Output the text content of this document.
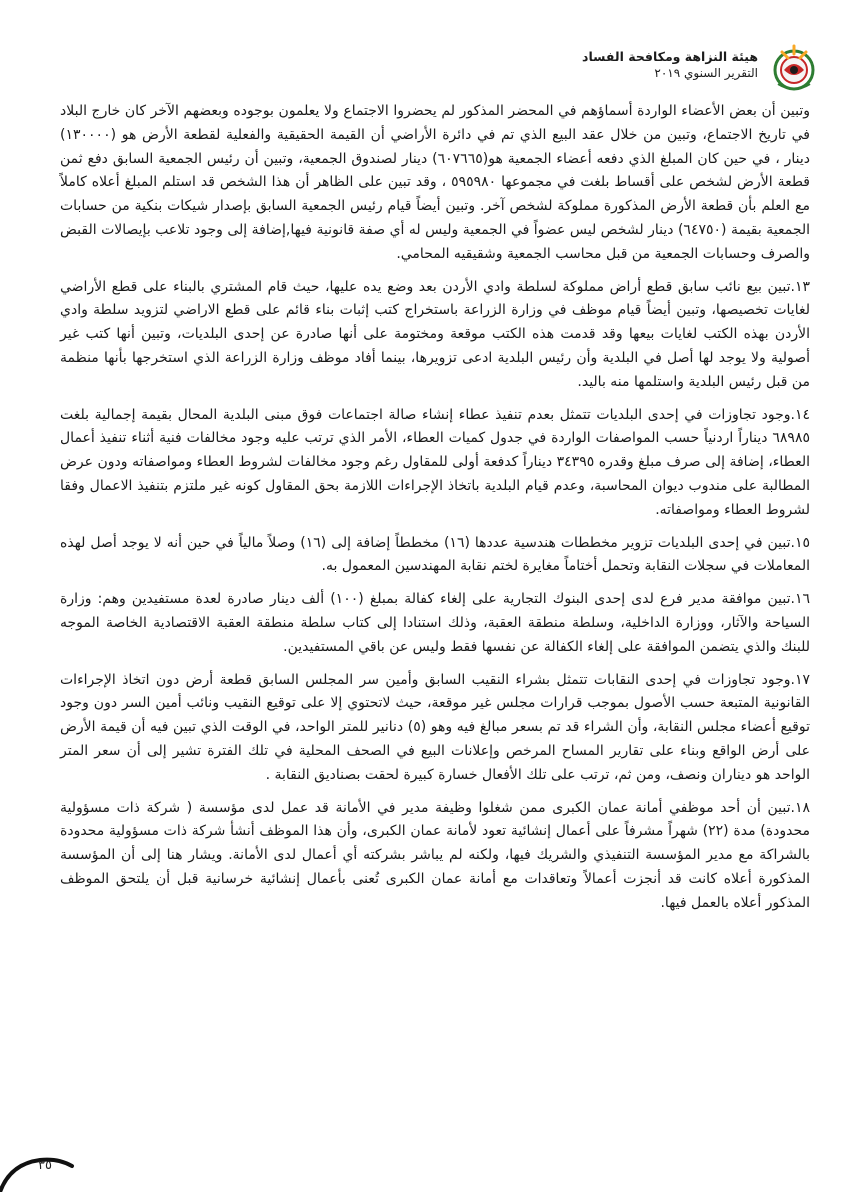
هيئة النزاهة ومكافحة الفساد
التقرير السنوي ٢٠١٩

وتبين أن بعض الأعضاء الواردة أسماؤهم في المحضر المذكور لم يحضروا الاجتماع ولا يعلمون بوجوده وبعضهم الآخر كان خارج البلاد في تاريخ الاجتماع، وتبين من خلال عقد البيع الذي تم في دائرة الأراضي أن القيمة الحقيقية والفعلية لقطعة الأرض هو (١٣٠٠٠٠) دينار ، في حين كان المبلغ الذي دفعه أعضاء الجمعية هو(٦٠٧٦٦٥) دينار لصندوق الجمعية، وتبين أن رئيس الجمعية السابق دفع ثمن قطعة الأرض لشخص على أقساط بلغت في مجموعها ٥٩٥٩٨٠ ، وقد تبين على الظاهر أن هذا الشخص قد استلم المبلغ أعلاه كاملاً مع العلم بأن قطعة الأرض المذكورة مملوكة لشخص آخر. وتبين أيضاً قيام رئيس الجمعية السابق بإصدار شيكات بنكية من حسابات الجمعية بقيمة (٦٤٧٥٠) دينار لشخص ليس عضواً في الجمعية وليس له أي صفة قانونية فيها,إضافة إلى وجود تلاعب بإيصالات القبض والصرف وحسابات الجمعية من قبل محاسب الجمعية وشقيقيه المحامي.

١٣.تبين بيع نائب سابق قطع أراض مملوكة لسلطة وادي الأردن بعد وضع يده عليها، حيث قام المشتري بالبناء على قطع الأراضي لغايات تخصيصها، وتبين أيضاً قيام موظف في وزارة الزراعة باستخراج كتب إثبات بناء قائم على قطع الاراضي لتزويد سلطة وادي الأردن بهذه الكتب لغايات بيعها وقد قدمت هذه الكتب موقعة ومختومة على أنها صادرة عن إحدى البلديات، وتبين أنها كتب غير أصولية ولا يوجد لها أصل في البلدية وأن رئيس البلدية ادعى تزويرها، بينما أفاد موظف وزارة الزراعة الذي استخرجها بأنها منظمة من قبل رئيس البلدية واستلمها منه باليد.

١٤.وجود تجاوزات في إحدى البلديات تتمثل بعدم تنفيذ عطاء إنشاء صالة اجتماعات فوق مبنى البلدية المحال بقيمة إجمالية بلغت ٦٨٩٨٥ ديناراً اردنياً حسب المواصفات الواردة في جدول كميات العطاء، الأمر الذي ترتب عليه وجود مخالفات فنية أثناء تنفيذ أعمال العطاء، إضافة إلى صرف مبلغ وقدره ٣٤٣٩٥ ديناراً كدفعة أولى للمقاول رغم وجود مخالفات لشروط العطاء ومواصفاته ودون عرض المطالبة على مندوب ديوان المحاسبة، وعدم قيام البلدية باتخاذ الإجراءات اللازمة بحق المقاول كونه غير ملتزم بتنفيذ الاعمال وفقا لشروط العطاء ومواصفاته.

١٥.تبين في إحدى البلديات تزوير مخططات هندسية عددها (١٦) مخططاً إضافة إلى (١٦) وصلاً مالياً في حين أنه لا يوجد أصل لهذه المعاملات في سجلات النقابة وتحمل أختاماً مغايرة لختم نقابة المهندسين المعمول به.

١٦.تبين موافقة مدير فرع لدى إحدى البنوك التجارية على إلغاء كفالة بمبلغ (١٠٠) ألف دينار صادرة لعدة مستفيدين وهم: وزارة السياحة والآثار، ووزارة الداخلية، وسلطة منطقة العقبة، وذلك استنادا إلى كتاب سلطة منطقة العقبة الاقتصادية الخاصة الموجه للبنك والذي يتضمن الموافقة على إلغاء الكفالة عن نفسها فقط وليس عن باقي المستفيدين.

١٧.وجود تجاوزات في إحدى النقابات تتمثل بشراء النقيب السابق وأمين سر المجلس السابق قطعة أرض دون اتخاذ الإجراءات القانونية المتبعة حسب الأصول بموجب قرارات مجلس غير موقعة، حيث لاتحتوي إلا على توقيع النقيب ونائب أمين السر دون وجود توقيع أعضاء مجلس النقابة، وأن الشراء قد تم بسعر مبالغ فيه وهو (٥) دنانير للمتر الواحد، في الوقت الذي تبين فيه أن قيمة الأرض على أرض الواقع وبناء على تقارير المساح المرخص وإعلانات البيع في الصحف المحلية في تلك الفترة تشير إلى أن سعر المتر الواحد هو ديناران ونصف، ومن ثم، ترتب على تلك الأفعال خسارة كبيرة لحقت بصناديق النقابة .

١٨.تبين أن أحد موظفي أمانة عمان الكبرى ممن شغلوا وظيفة مدير في الأمانة قد عمل لدى مؤسسة ( شركة ذات مسؤولية محدودة) مدة (٢٢) شهراً مشرفاً على أعمال إنشائية تعود لأمانة عمان الكبرى، وأن هذا الموظف أنشأ شركة ذات مسؤولية محدودة بالشراكة مع مدير المؤسسة التنفيذي والشريك فيها، ولكنه لم يباشر بشركته أي أعمال لدى الأمانة. ويشار هنا إلى أن المؤسسة المذكورة أعلاه كانت قد أنجزت أعمالاً وتعاقدات مع أمانة عمان الكبرى تُعنى بأعمال إنشائية خرسانية قبل أن يلتحق الموظف المذكور أعلاه بالعمل فيها.

٣٥
